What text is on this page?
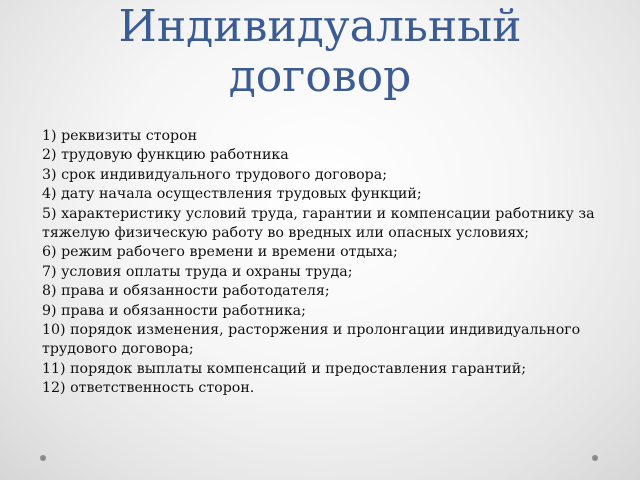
Индивидуальный
договор
1) реквизиты сторон
2) трудовую функцию работника
3) срок индивидуального трудового договора;
4) дату начала осуществления трудовых функций;
5) характеристику условий труда, гарантии и компенсации работнику за тяжелую физическую работу во вредных или опасных условиях;
6) режим рабочего времени и времени отдыха;
7) условия оплаты труда и охраны труда;
8) права и обязанности работодателя;
9) права и обязанности работника;
10) порядок изменения, расторжения и пролонгации индивидуального трудового договора;
11) порядок выплаты компенсаций и предоставления гарантий;
12) ответственность сторон.
